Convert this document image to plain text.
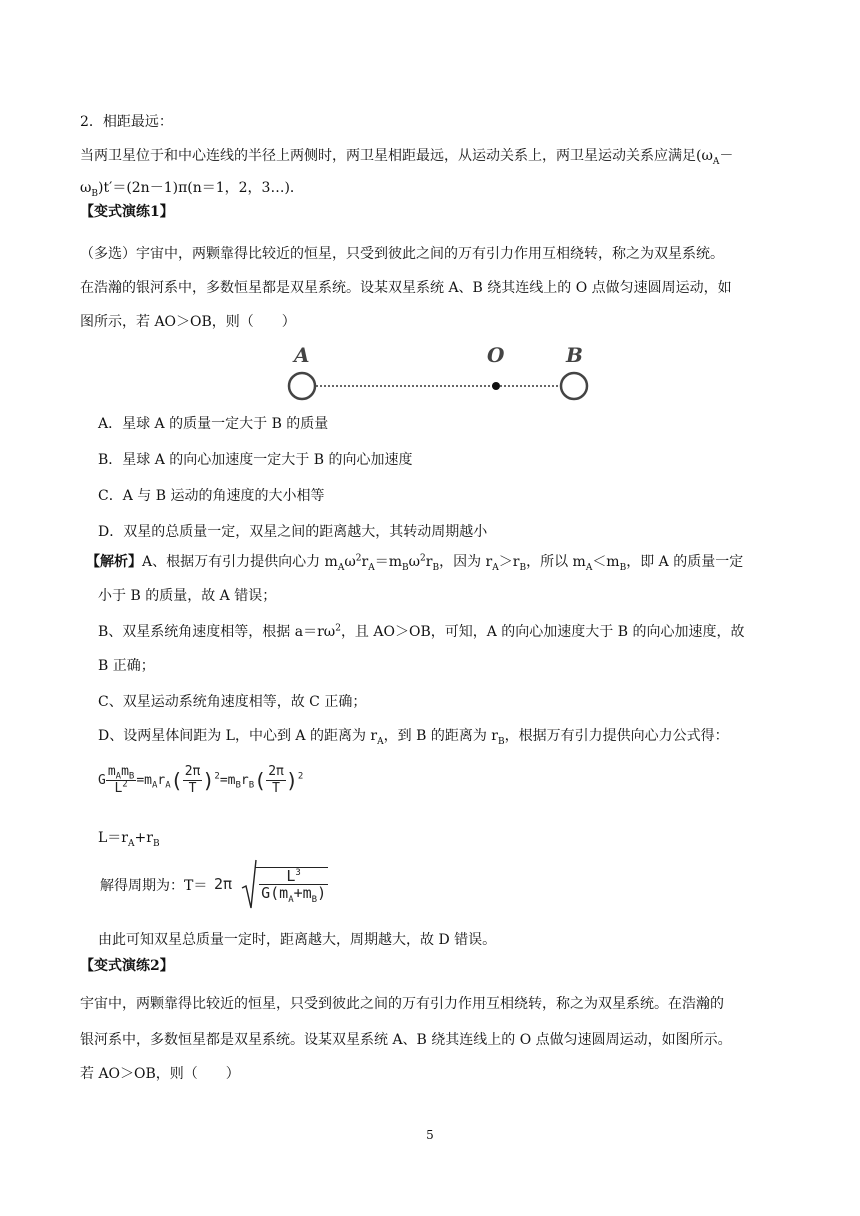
2．相距最远：
当两卫星位于和中心连线的半径上两侧时，两卫星相距最远，从运动关系上，两卫星运动关系应满足($\omega_A-$
$\omega_B)t'=(2n-1)\pi(n=1$，2，3…)．
【变式演练1】
（多选）宇宙中，两颗靠得比较近的恒星，只受到彼此之间的万有引力作用互相绕转，称之为双星系统。
在浩瀚的银河系中，多数恒星都是双星系统。设某双星系统 A、B 绕其连线上的 O 点做匀速圆周运动，如
图所示，若 AO＞OB，则（　　）
A	O	B
A．星球 A 的质量一定大于 B 的质量
B．星球 A 的向心加速度一定大于 B 的向心加速度
C．A 与 B 运动的角速度的大小相等
D．双星的总质量一定，双星之间的距离越大，其转动周期越小
【解析】A、根据万有引力提供向心力 $m_A\omega^2r_A=m_B\omega^2r_B$，因为 $r_A>r_B$，所以 $m_A<m_B$，即 A 的质量一定
小于 B 的质量，故 A 错误；
B、双星系统角速度相等，根据 $a=r\omega^2$，且 AO＞OB，可知，A 的向心加速度大于 B 的向心加速度，故
B 正确；
C、双星运动系统角速度相等，故 C 正确；
D、设两星体间距为 L，中心到 A 的距离为 $r_A$，到 B 的距离为 $r_B$，根据万有引力提供向心力公式得：
G $\frac{m_Am_B}{L^2} =m_Ar_A( \frac{2\pi}{T} )^2=m_Br_B( \frac{2\pi}{T} )^2$
$L=r_A+r_B$
解得周期为：$T= 2\pi \frac{L^3}{G(m_A+m_B)}$
由此可知双星总质量一定时，距离越大，周期越大，故 D 错误。
【变式演练2】
宇宙中，两颗靠得比较近的恒星，只受到彼此之间的万有引力作用互相绕转，称之为双星系统。在浩瀚的
银河系中，多数恒星都是双星系统。设某双星系统 A、B 绕其连线上的 O 点做匀速圆周运动，如图所示。
若 AO＞OB，则（　　）
5
